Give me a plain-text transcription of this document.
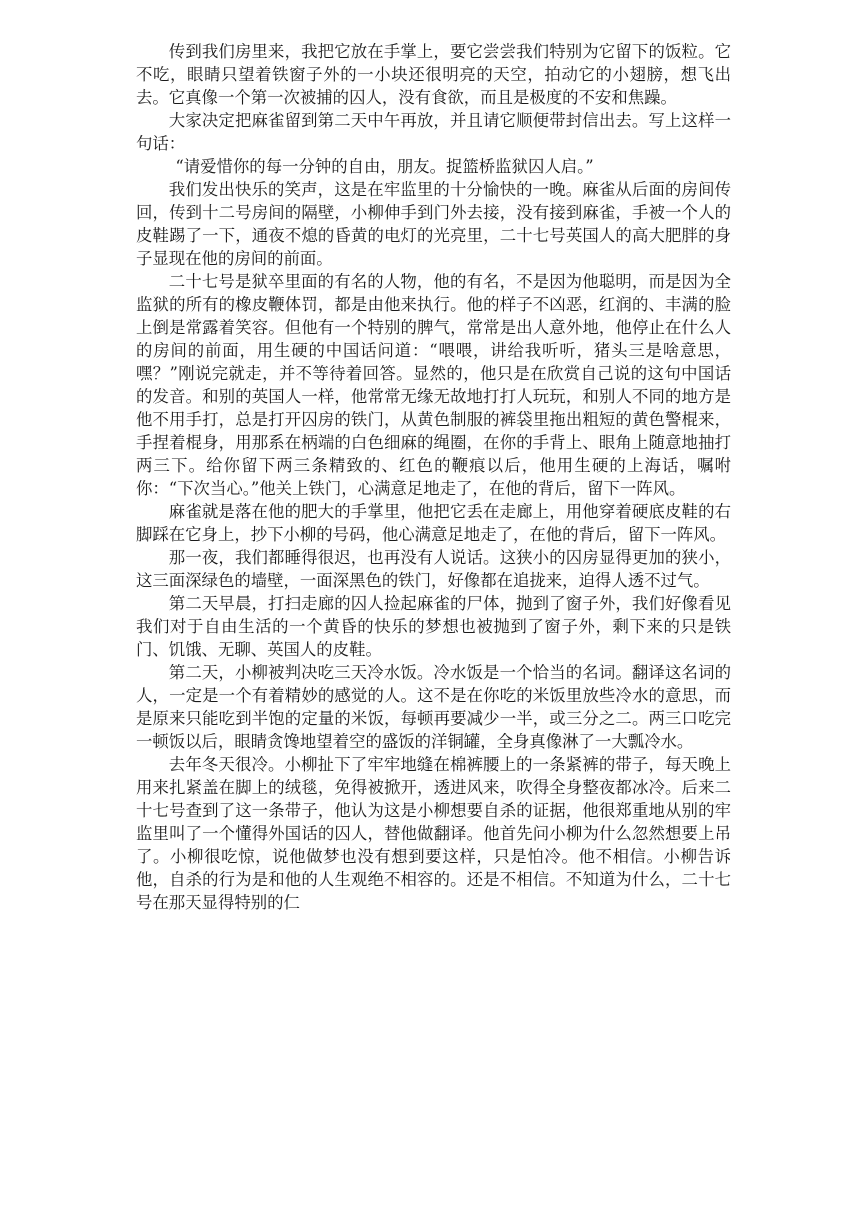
传到我们房里来，我把它放在手掌上，要它尝尝我们特别为它留下的饭粒。它不吃，眼睛只望着铁窗子外的一小块还很明亮的天空，拍动它的小翅膀，想飞出去。它真像一个第一次被捕的囚人，没有食欲，而且是极度的不安和焦躁。

大家决定把麻雀留到第二天中午再放，并且请它顺便带封信出去。写上这样一句话：

“请爱惜你的每一分钟的自由，朋友。捉篮桥监狱囚人启。”

我们发出快乐的笑声，这是在牢监里的十分愉快的一晚。麻雀从后面的房间传回，传到十二号房间的隔壁，小柳伸手到门外去接，没有接到麻雀，手被一个人的皮鞋踢了一下，通夜不熄的昏黄的电灯的光亮里，二十七号英国人的高大肥胖的身子显现在他的房间的前面。

二十七号是狱卒里面的有名的人物，他的有名，不是因为他聪明，而是因为全监狱的所有的橡皮鞭体罚，都是由他来执行。他的样子不凶恶，红润的、丰满的脸上倒是常露着笑容。但他有一个特别的脾气，常常是出人意外地，他停止在什么人的房间的前面，用生硬的中国话问道：“喂喂，讲给我听听，猪头三是啥意思，嘿？”刚说完就走，并不等待着回答。显然的，他只是在欣赏自己说的这句中国话的发音。和别的英国人一样，他常常无缘无故地打打人玩玩，和别人不同的地方是他不用手打，总是打开囚房的铁门，从黄色制服的裤袋里拖出粗短的黄色警棍来，手捏着棍身，用那系在柄端的白色细麻的绳圈，在你的手背上、眼角上随意地抽打两三下。给你留下两三条精致的、红色的鞭痕以后，他用生硬的上海话，嘱咐你：“下次当心。”他关上铁门，心满意足地走了，在他的背后，留下一阵风。

麻雀就是落在他的肥大的手掌里，他把它丢在走廊上，用他穿着硬底皮鞋的右脚踩在它身上，抄下小柳的号码，他心满意足地走了，在他的背后，留下一阵风。

那一夜，我们都睡得很迟，也再没有人说话。这狭小的囚房显得更加的狭小，这三面深绿色的墙壁，一面深黑色的铁门，好像都在追拢来，迫得人透不过气。

第二天早晨，打扫走廊的囚人捡起麻雀的尸体，抛到了窗子外，我们好像看见我们对于自由生活的一个黄昏的快乐的梦想也被抛到了窗子外，剩下来的只是铁门、饥饿、无聊、英国人的皮鞋。

第二天，小柳被判决吃三天冷水饭。冷水饭是一个恰当的名词。翻译这名词的人，一定是一个有着精妙的感觉的人。这不是在你吃的米饭里放些冷水的意思，而是原来只能吃到半饱的定量的米饭，每顿再要减少一半，或三分之二。两三口吃完一顿饭以后，眼睛贪馋地望着空的盛饭的洋铜罐，全身真像淋了一大瓢冷水。

去年冬天很冷。小柳扯下了牢牢地缝在棉裤腰上的一条紧裤的带子，每天晚上用来扎紧盖在脚上的绒毯，免得被掀开，透进风来，吹得全身整夜都冰冷。后来二十七号查到了这一条带子，他认为这是小柳想要自杀的证据，他很郑重地从别的牢监里叫了一个懂得外国话的囚人，替他做翻译。他首先问小柳为什么忽然想要上吊了。小柳很吃惊，说他做梦也没有想到要这样，只是怕冷。他不相信。小柳告诉他，自杀的行为是和他的人生观绝不相容的。还是不相信。不知道为什么，二十七号在那天显得特别的仁
